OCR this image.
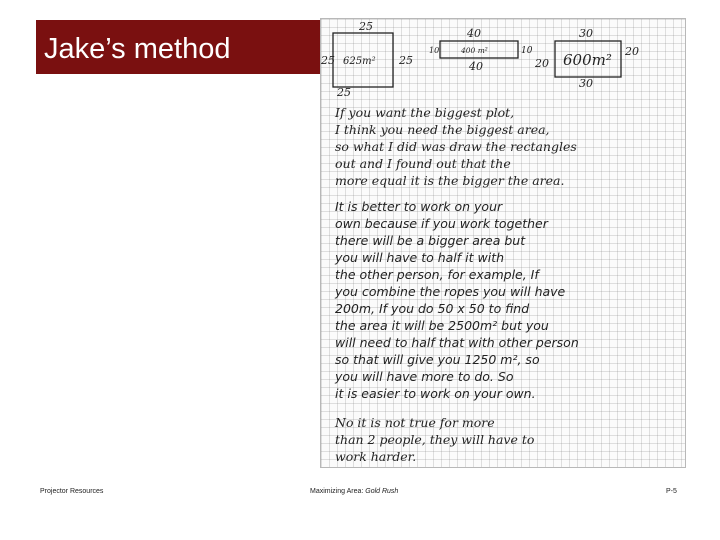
Jake’s method
25
25	25
25
625m²
40
40
10	10
400 m²
30
30
20
20
600m²
If you want the biggest plot,
I think you need the biggest area,
so what I did was draw the rectangles
out and I found out that the
more equal it is the bigger the area.
It is better to work on your
own because if you work together
there will be a bigger area but
you will have to half it with
the other person, for example, If
you combine the ropes you will have
200m, If you do 50 x 50 to find
the area it will be 2500m² but you
will need to half that with other person
so that will give you 1250 m², so
you will have more to do. So
it is easier to work on your own.
No it is not true for more
than 2 people, they will have to
work harder.
Projector Resources	Maximizing Area: Gold Rush	P-5
